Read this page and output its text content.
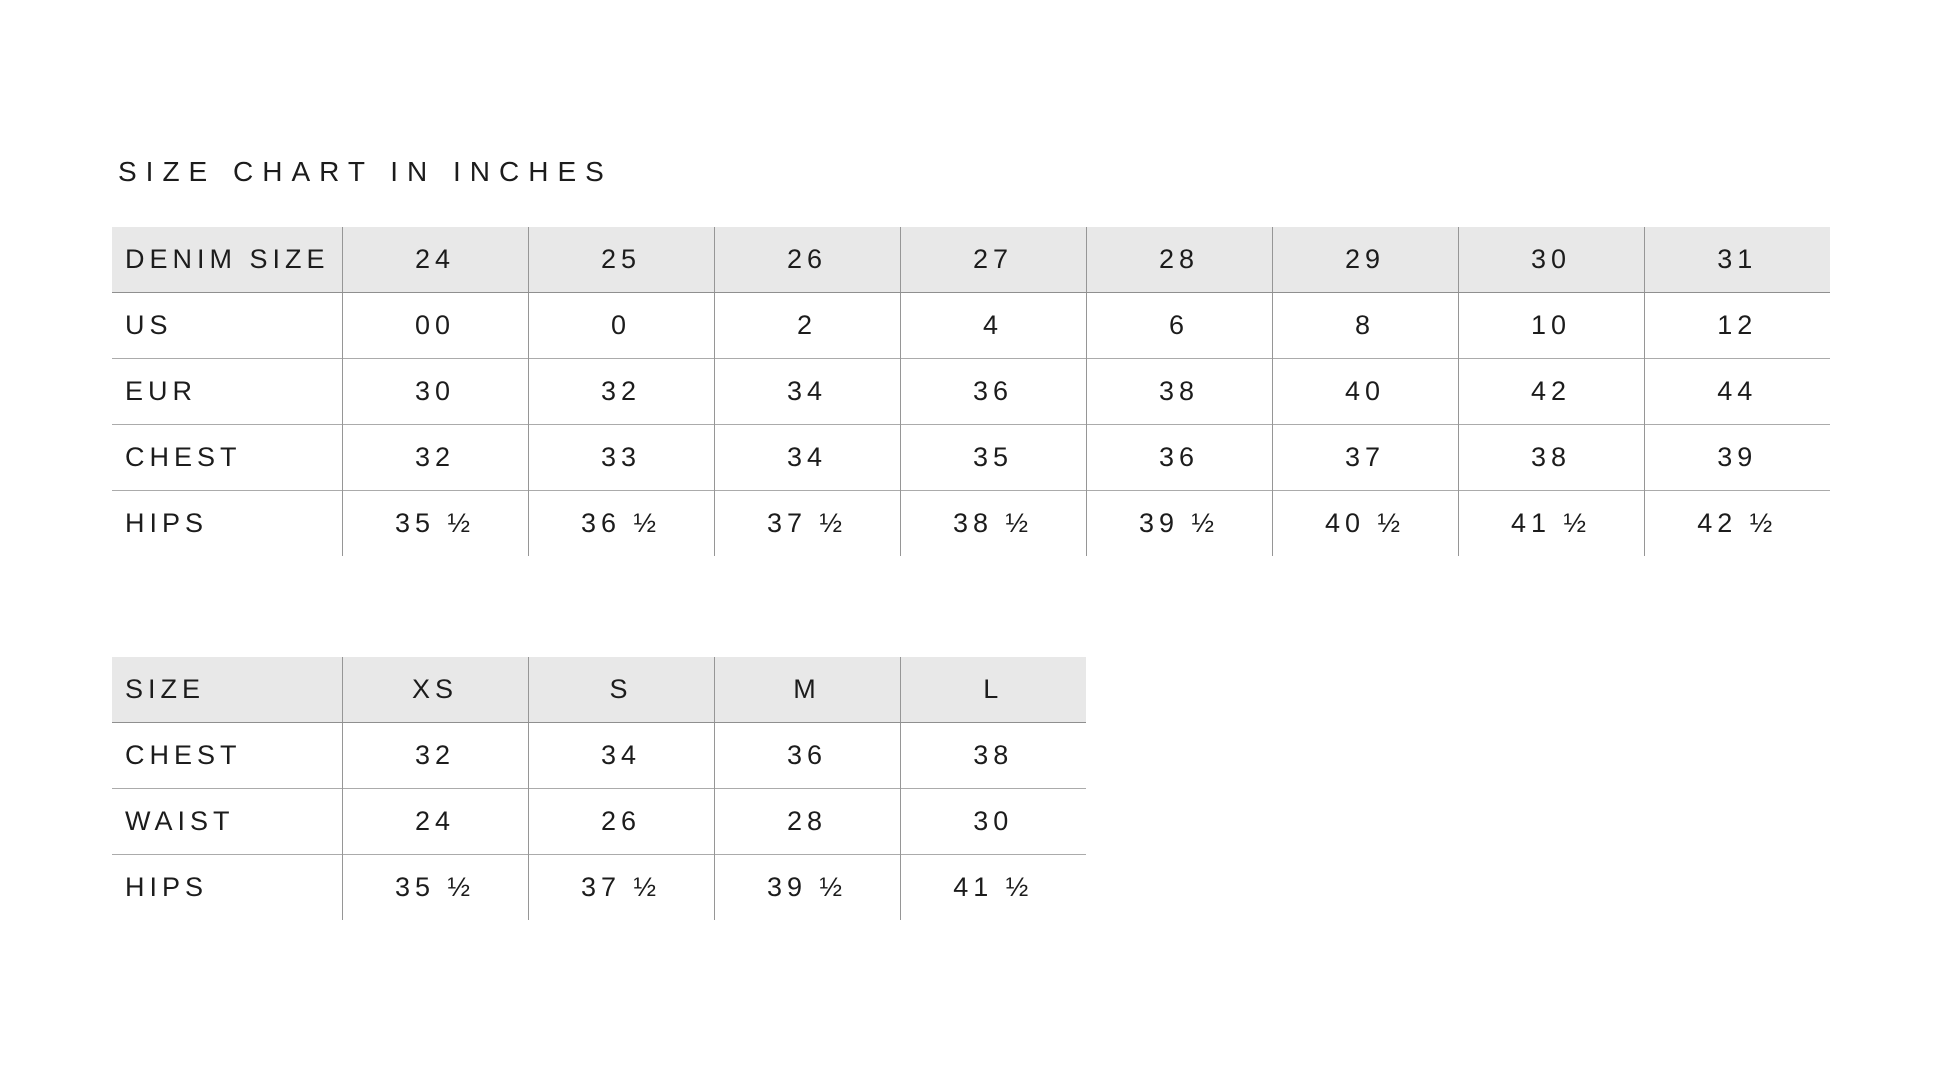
SIZE CHART IN INCHES
DENIM SIZE	24	25	26	27	28	29	30	31
US	00	0	2	4	6	8	10	12
EUR	30	32	34	36	38	40	42	44
CHEST	32	33	34	35	36	37	38	39
HIPS	35 ½	36 ½	37 ½	38 ½	39 ½	40 ½	41 ½	42 ½
SIZE	XS	S	M	L
CHEST	32	34	36	38
WAIST	24	26	28	30
HIPS	35 ½	37 ½	39 ½	41 ½
